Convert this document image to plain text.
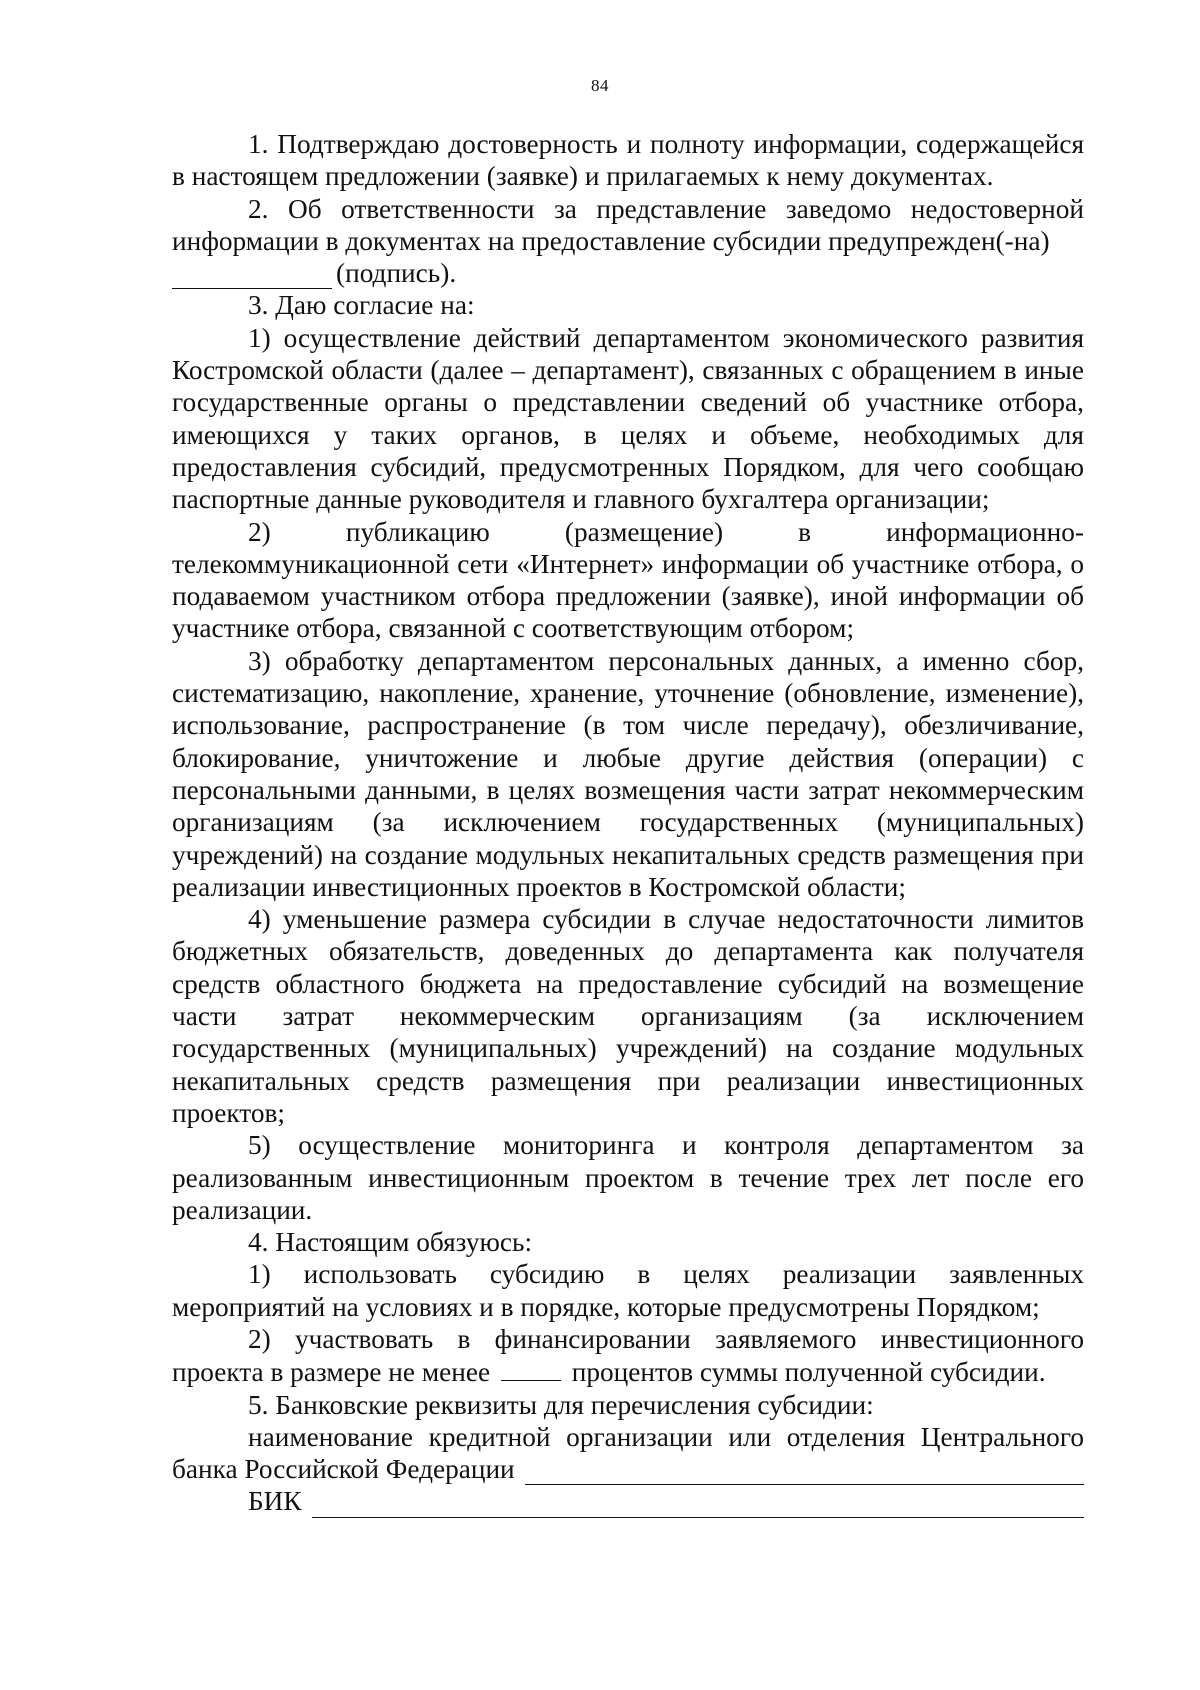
84

1. Подтверждаю достоверность и полноту информации, содержащейся в настоящем предложении (заявке) и прилагаемых к нему документах.

2. Об ответственности за представление заведомо недостоверной информации в документах на предоставление субсидии предупрежден(-на)

(подпись).

3. Даю согласие на:

1) осуществление действий департаментом экономического развития Костромской области (далее – департамент), связанных с обращением в иные государственные органы о представлении сведений об участнике отбора, имеющихся у таких органов, в целях и объеме, необходимых для предоставления субсидий, предусмотренных Порядком, для чего сообщаю паспортные данные руководителя и главного бухгалтера организации;

2) публикацию (размещение) в информационно-телекоммуникационной сети «Интернет» информации об участнике отбора, о подаваемом участником отбора предложении (заявке), иной информации об участнике отбора, связанной с соответствующим отбором;

3) обработку департаментом персональных данных, а именно сбор, систематизацию, накопление, хранение, уточнение (обновление, изменение), использование, распространение (в том числе передачу), обезличивание, блокирование, уничтожение и любые другие действия (операции) с персональными данными, в целях возмещения части затрат некоммерческим организациям (за исключением государственных (муниципальных) учреждений) на создание модульных некапитальных средств размещения при реализации инвестиционных проектов в Костромской области;

4) уменьшение размера субсидии в случае недостаточности лимитов бюджетных обязательств, доведенных до департамента как получателя средств областного бюджета на предоставление субсидий на возмещение части затрат некоммерческим организациям (за исключением государственных (муниципальных) учреждений) на создание модульных некапитальных средств размещения при реализации инвестиционных проектов;

5) осуществление мониторинга и контроля департаментом за реализованным инвестиционным проектом в течение трех лет после его реализации.

4. Настоящим обязуюсь:

1) использовать субсидию в целях реализации заявленных мероприятий на условиях и в порядке, которые предусмотрены Порядком;

2) участвовать в финансировании заявляемого инвестиционного проекта в размере не менее	процентов суммы полученной субсидии.

5. Банковские реквизиты для перечисления субсидии:

наименование кредитной организации или отделения Центрального

банка Российской Федерации
БИК
